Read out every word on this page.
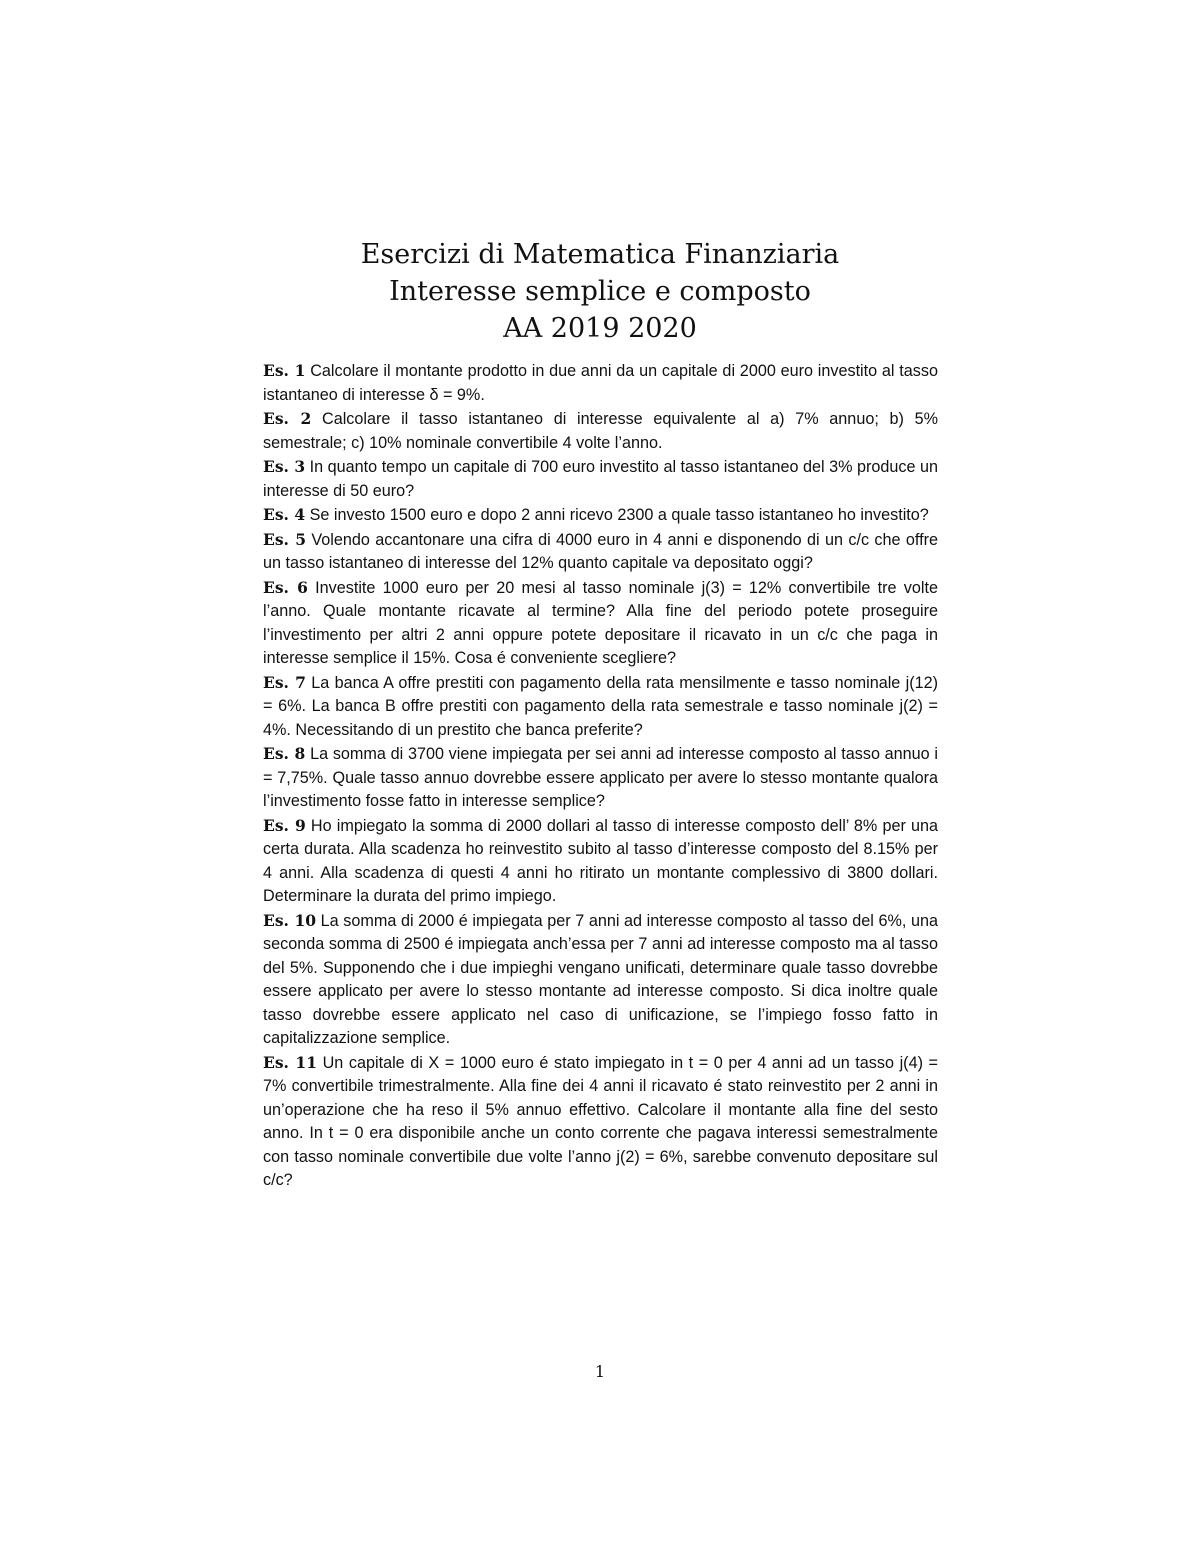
Esercizi di Matematica Finanziaria
Interesse semplice e composto
AA 2019 2020

Es. 1 Calcolare il montante prodotto in due anni da un capitale di 2000 euro investito al tasso istantaneo di interesse δ = 9%.

Es. 2 Calcolare il tasso istantaneo di interesse equivalente al a) 7% annuo; b) 5% semestrale; c) 10% nominale convertibile 4 volte l’anno.

Es. 3 In quanto tempo un capitale di 700 euro investito al tasso istantaneo del 3% produce un interesse di 50 euro?

Es. 4 Se investo 1500 euro e dopo 2 anni ricevo 2300 a quale tasso istantaneo ho investito?

Es. 5 Volendo accantonare una cifra di 4000 euro in 4 anni e disponendo di un c/c che offre un tasso istantaneo di interesse del 12% quanto capitale va depositato oggi?

Es. 6 Investite 1000 euro per 20 mesi al tasso nominale j(3) = 12% convertibile tre volte l’anno. Quale montante ricavate al termine? Alla fine del periodo potete proseguire l’investimento per altri 2 anni oppure potete depositare il ricavato in un c/c che paga in interesse semplice il 15%. Cosa é conveniente scegliere?

Es. 7 La banca A offre prestiti con pagamento della rata mensilmente e tasso nominale j(12) = 6%. La banca B offre prestiti con pagamento della rata semestrale e tasso nominale j(2) = 4%. Necessitando di un prestito che banca preferite?

Es. 8 La somma di 3700 viene impiegata per sei anni ad interesse composto al tasso annuo i = 7,75%. Quale tasso annuo dovrebbe essere applicato per avere lo stesso montante qualora l’investimento fosse fatto in interesse semplice?

Es. 9 Ho impiegato la somma di 2000 dollari al tasso di interesse composto dell’ 8% per una certa durata. Alla scadenza ho reinvestito subito al tasso d’interesse composto del 8.15% per 4 anni. Alla scadenza di questi 4 anni ho ritirato un montante complessivo di 3800 dollari. Determinare la durata del primo impiego.

Es. 10 La somma di 2000 é impiegata per 7 anni ad interesse composto al tasso del 6%, una seconda somma di 2500 é impiegata anch’essa per 7 anni ad interesse composto ma al tasso del 5%. Supponendo che i due impieghi vengano unificati, determinare quale tasso dovrebbe essere applicato per avere lo stesso montante ad interesse composto. Si dica inoltre quale tasso dovrebbe essere applicato nel caso di unificazione, se l’impiego fosso fatto in capitalizzazione semplice.

Es. 11 Un capitale di X = 1000 euro é stato impiegato in t = 0 per 4 anni ad un tasso j(4) = 7% convertibile trimestralmente. Alla fine dei 4 anni il ricavato é stato reinvestito per 2 anni in un’operazione che ha reso il 5% annuo effettivo. Calcolare il montante alla fine del sesto anno. In t = 0 era disponibile anche un conto corrente che pagava interessi semestralmente con tasso nominale convertibile due volte l’anno j(2) = 6%, sarebbe convenuto depositare sul c/c?

1
